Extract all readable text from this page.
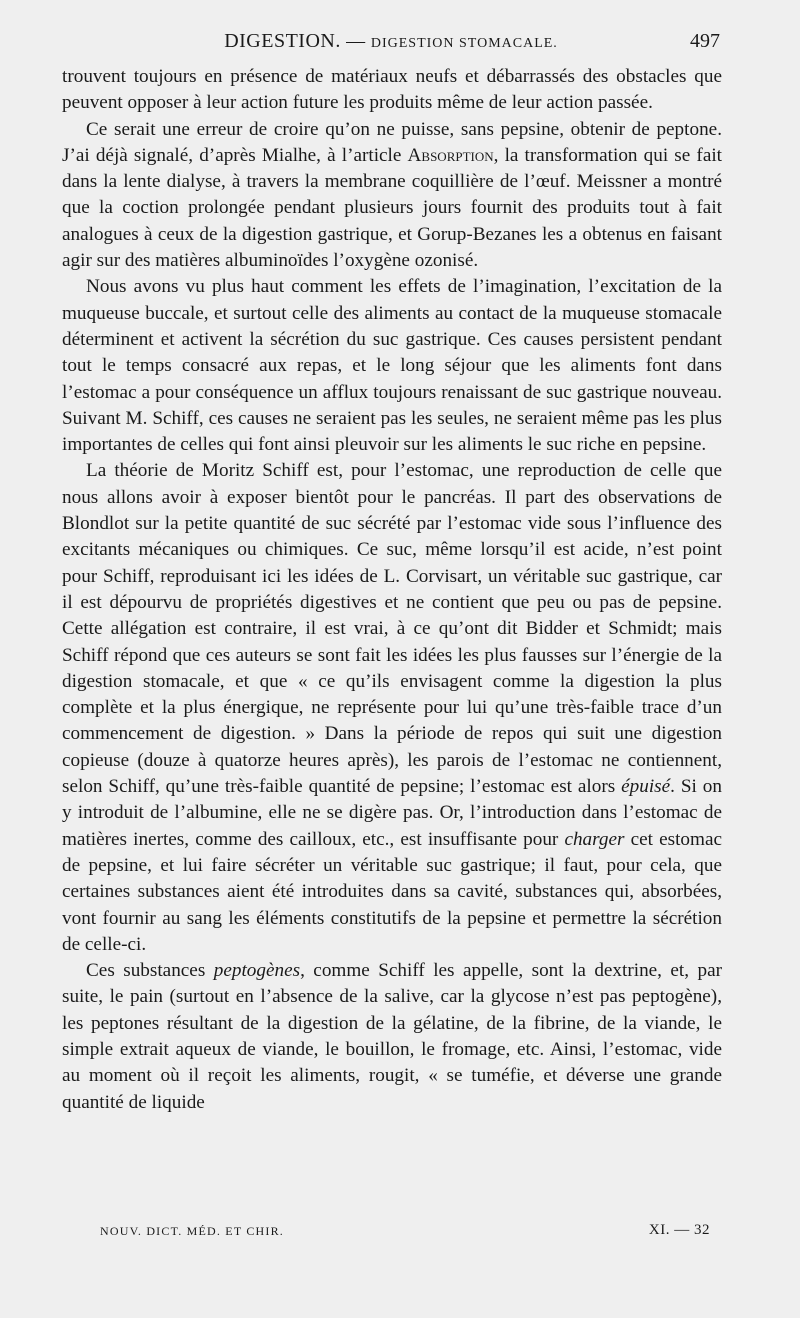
DIGESTION. — DIGESTION STOMACALE.	497

trouvent toujours en présence de matériaux neufs et débarrassés des obstacles que peuvent opposer à leur action future les produits même de leur action passée.

Ce serait une erreur de croire qu’on ne puisse, sans pepsine, obtenir de peptone. J’ai déjà signalé, d’après Mialhe, à l’article Absorption, la transformation qui se fait dans la lente dialyse, à travers la membrane coquillière de l’œuf. Meissner a montré que la coction prolongée pendant plusieurs jours fournit des produits tout à fait analogues à ceux de la digestion gastrique, et Gorup-Bezanes les a obtenus en faisant agir sur des matières albuminoïdes l’oxygène ozonisé.

Nous avons vu plus haut comment les effets de l’imagination, l’excitation de la muqueuse buccale, et surtout celle des aliments au contact de la muqueuse stomacale déterminent et activent la sécrétion du suc gastrique. Ces causes persistent pendant tout le temps consacré aux repas, et le long séjour que les aliments font dans l’estomac a pour conséquence un afflux toujours renaissant de suc gastrique nouveau. Suivant M. Schiff, ces causes ne seraient pas les seules, ne seraient même pas les plus importantes de celles qui font ainsi pleuvoir sur les aliments le suc riche en pepsine.

La théorie de Moritz Schiff est, pour l’estomac, une reproduction de celle que nous allons avoir à exposer bientôt pour le pancréas. Il part des observations de Blondlot sur la petite quantité de suc sécrété par l’estomac vide sous l’influence des excitants mécaniques ou chimiques. Ce suc, même lorsqu’il est acide, n’est point pour Schiff, reproduisant ici les idées de L. Corvisart, un véritable suc gastrique, car il est dépourvu de propriétés digestives et ne contient que peu ou pas de pepsine. Cette allégation est contraire, il est vrai, à ce qu’ont dit Bidder et Schmidt; mais Schiff répond que ces auteurs se sont fait les idées les plus fausses sur l’énergie de la digestion stomacale, et que « ce qu’ils envisagent comme la digestion la plus complète et la plus énergique, ne représente pour lui qu’une très-faible trace d’un commencement de digestion. » Dans la période de repos qui suit une digestion copieuse (douze à quatorze heures après), les parois de l’estomac ne contiennent, selon Schiff, qu’une très-faible quantité de pepsine; l’estomac est alors épuisé. Si on y introduit de l’albumine, elle ne se digère pas. Or, l’introduction dans l’estomac de matières inertes, comme des cailloux, etc., est insuffisante pour charger cet estomac de pepsine, et lui faire sécréter un véritable suc gastrique; il faut, pour cela, que certaines substances aient été introduites dans sa cavité, substances qui, absorbées, vont fournir au sang les éléments constitutifs de la pepsine et permettre la sécrétion de celle-ci.

Ces substances peptogènes, comme Schiff les appelle, sont la dextrine, et, par suite, le pain (surtout en l’absence de la salive, car la glycose n’est pas peptogène), les peptones résultant de la digestion de la gélatine, de la fibrine, de la viande, le simple extrait aqueux de viande, le bouillon, le fromage, etc. Ainsi, l’estomac, vide au moment où il reçoit les aliments, rougit, « se tuméfie, et déverse une grande quantité de liquide

NOUV. DICT. MÉD. ET CHIR.	XI. — 32
